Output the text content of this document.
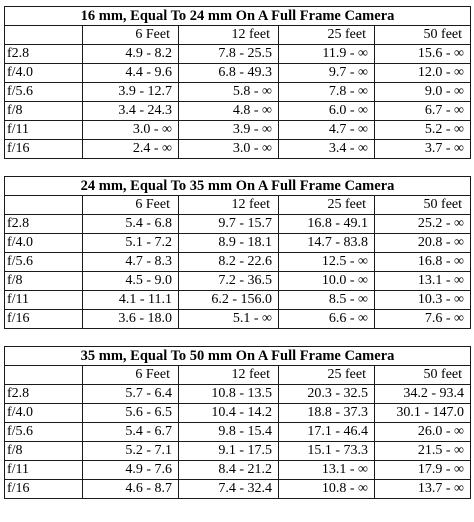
16 mm, Equal To 24 mm On A Full Frame Camera				
	6 Feet	12 feet	25 feet	50 feet
f2.8	4.9 - 8.2	7.8 - 25.5	11.9 - ∞	15.6 - ∞
f/4.0	4.4 - 9.6	6.8 - 49.3	9.7 - ∞	12.0 - ∞
f/5.6	3.9 - 12.7	5.8 - ∞	7.8 - ∞	9.0 - ∞
f/8	3.4 - 24.3	4.8 - ∞	6.0 - ∞	6.7 - ∞
f/11	3.0 - ∞	3.9 - ∞	4.7 - ∞	5.2 - ∞
f/16	2.4 - ∞	3.0 - ∞	3.4 - ∞	3.7 - ∞
24 mm, Equal To 35 mm On A Full Frame Camera				
	6 Feet	12 feet	25 feet	50 feet
f2.8	5.4 - 6.8	9.7 - 15.7	16.8 - 49.1	25.2 - ∞
f/4.0	5.1 - 7.2	8.9 - 18.1	14.7 - 83.8	20.8 - ∞
f/5.6	4.7 - 8.3	8.2 - 22.6	12.5 - ∞	16.8 - ∞
f/8	4.5 - 9.0	7.2 - 36.5	10.0 - ∞	13.1 - ∞
f/11	4.1 - 11.1	6.2 - 156.0	8.5 - ∞	10.3 - ∞
f/16	3.6 - 18.0	5.1 - ∞	6.6 - ∞	7.6 - ∞
35 mm, Equal To 50 mm On A Full Frame Camera				
	6 Feet	12 feet	25 feet	50 feet
f2.8	5.7 - 6.4	10.8 - 13.5	20.3 - 32.5	34.2 - 93.4
f/4.0	5.6 - 6.5	10.4 - 14.2	18.8 - 37.3	30.1 - 147.0
f/5.6	5.4 - 6.7	9.8 - 15.4	17.1 - 46.4	26.0 - ∞
f/8	5.2 - 7.1	9.1 - 17.5	15.1 - 73.3	21.5 - ∞
f/11	4.9 - 7.6	8.4 - 21.2	13.1 - ∞	17.9 - ∞
f/16	4.6 - 8.7	7.4 - 32.4	10.8 - ∞	13.7 - ∞
